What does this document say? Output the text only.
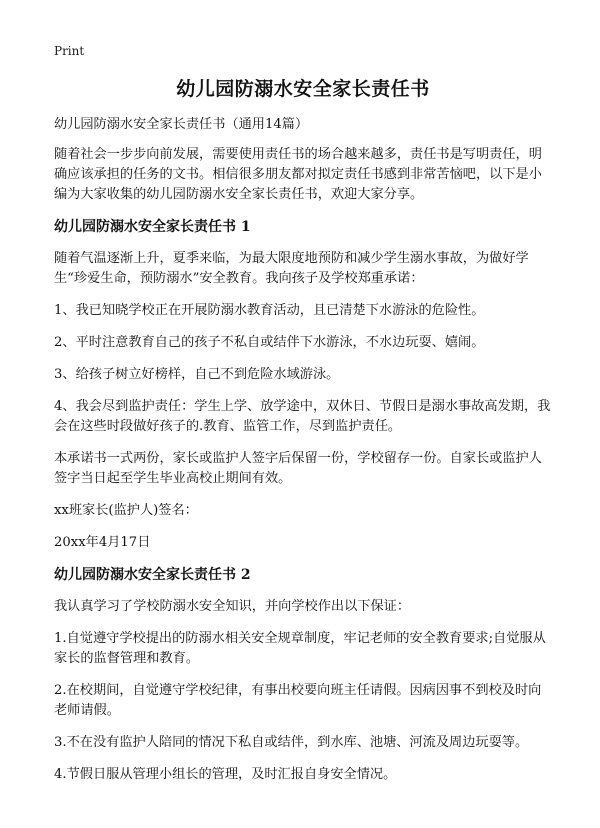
Print
幼儿园防溺水安全家长责任书
幼儿园防溺水安全家长责任书（通用14篇）
随着社会一步步向前发展，需要使用责任书的场合越来越多，责任书是写明责任，明确应该承担的任务的文书。相信很多朋友都对拟定责任书感到非常苦恼吧，以下是小编为大家收集的幼儿园防溺水安全家长责任书，欢迎大家分享。
幼儿园防溺水安全家长责任书 1
随着气温逐渐上升，夏季来临，为最大限度地预防和减少学生溺水事故，为做好学生“珍爱生命，预防溺水”安全教育。我向孩子及学校郑重承诺：
1、我已知晓学校正在开展防溺水教育活动，且已清楚下水游泳的危险性。
2、平时注意教育自己的孩子不私自或结伴下水游泳，不水边玩耍、嬉闹。
3、给孩子树立好榜样，自己不到危险水域游泳。
4、我会尽到监护责任：学生上学、放学途中，双休日、节假日是溺水事故高发期，我会在这些时段做好孩子的.教育、监管工作，尽到监护责任。
本承诺书一式两份，家长或监护人签字后保留一份，学校留存一份。自家长或监护人签字当日起至学生毕业高校止期间有效。
xx班家长(监护人)签名：
20xx年4月17日
幼儿园防溺水安全家长责任书 2
我认真学习了学校防溺水安全知识，并向学校作出以下保证：
1.自觉遵守学校提出的防溺水相关安全规章制度，牢记老师的安全教育要求;自觉服从家长的监督管理和教育。
2.在校期间，自觉遵守学校纪律，有事出校要向班主任请假。因病因事不到校及时向老师请假。
3.不在没有监护人陪同的情况下私自或结伴，到水库、池塘、河流及周边玩耍等。
4.节假日服从管理小组长的管理，及时汇报自身安全情况。
